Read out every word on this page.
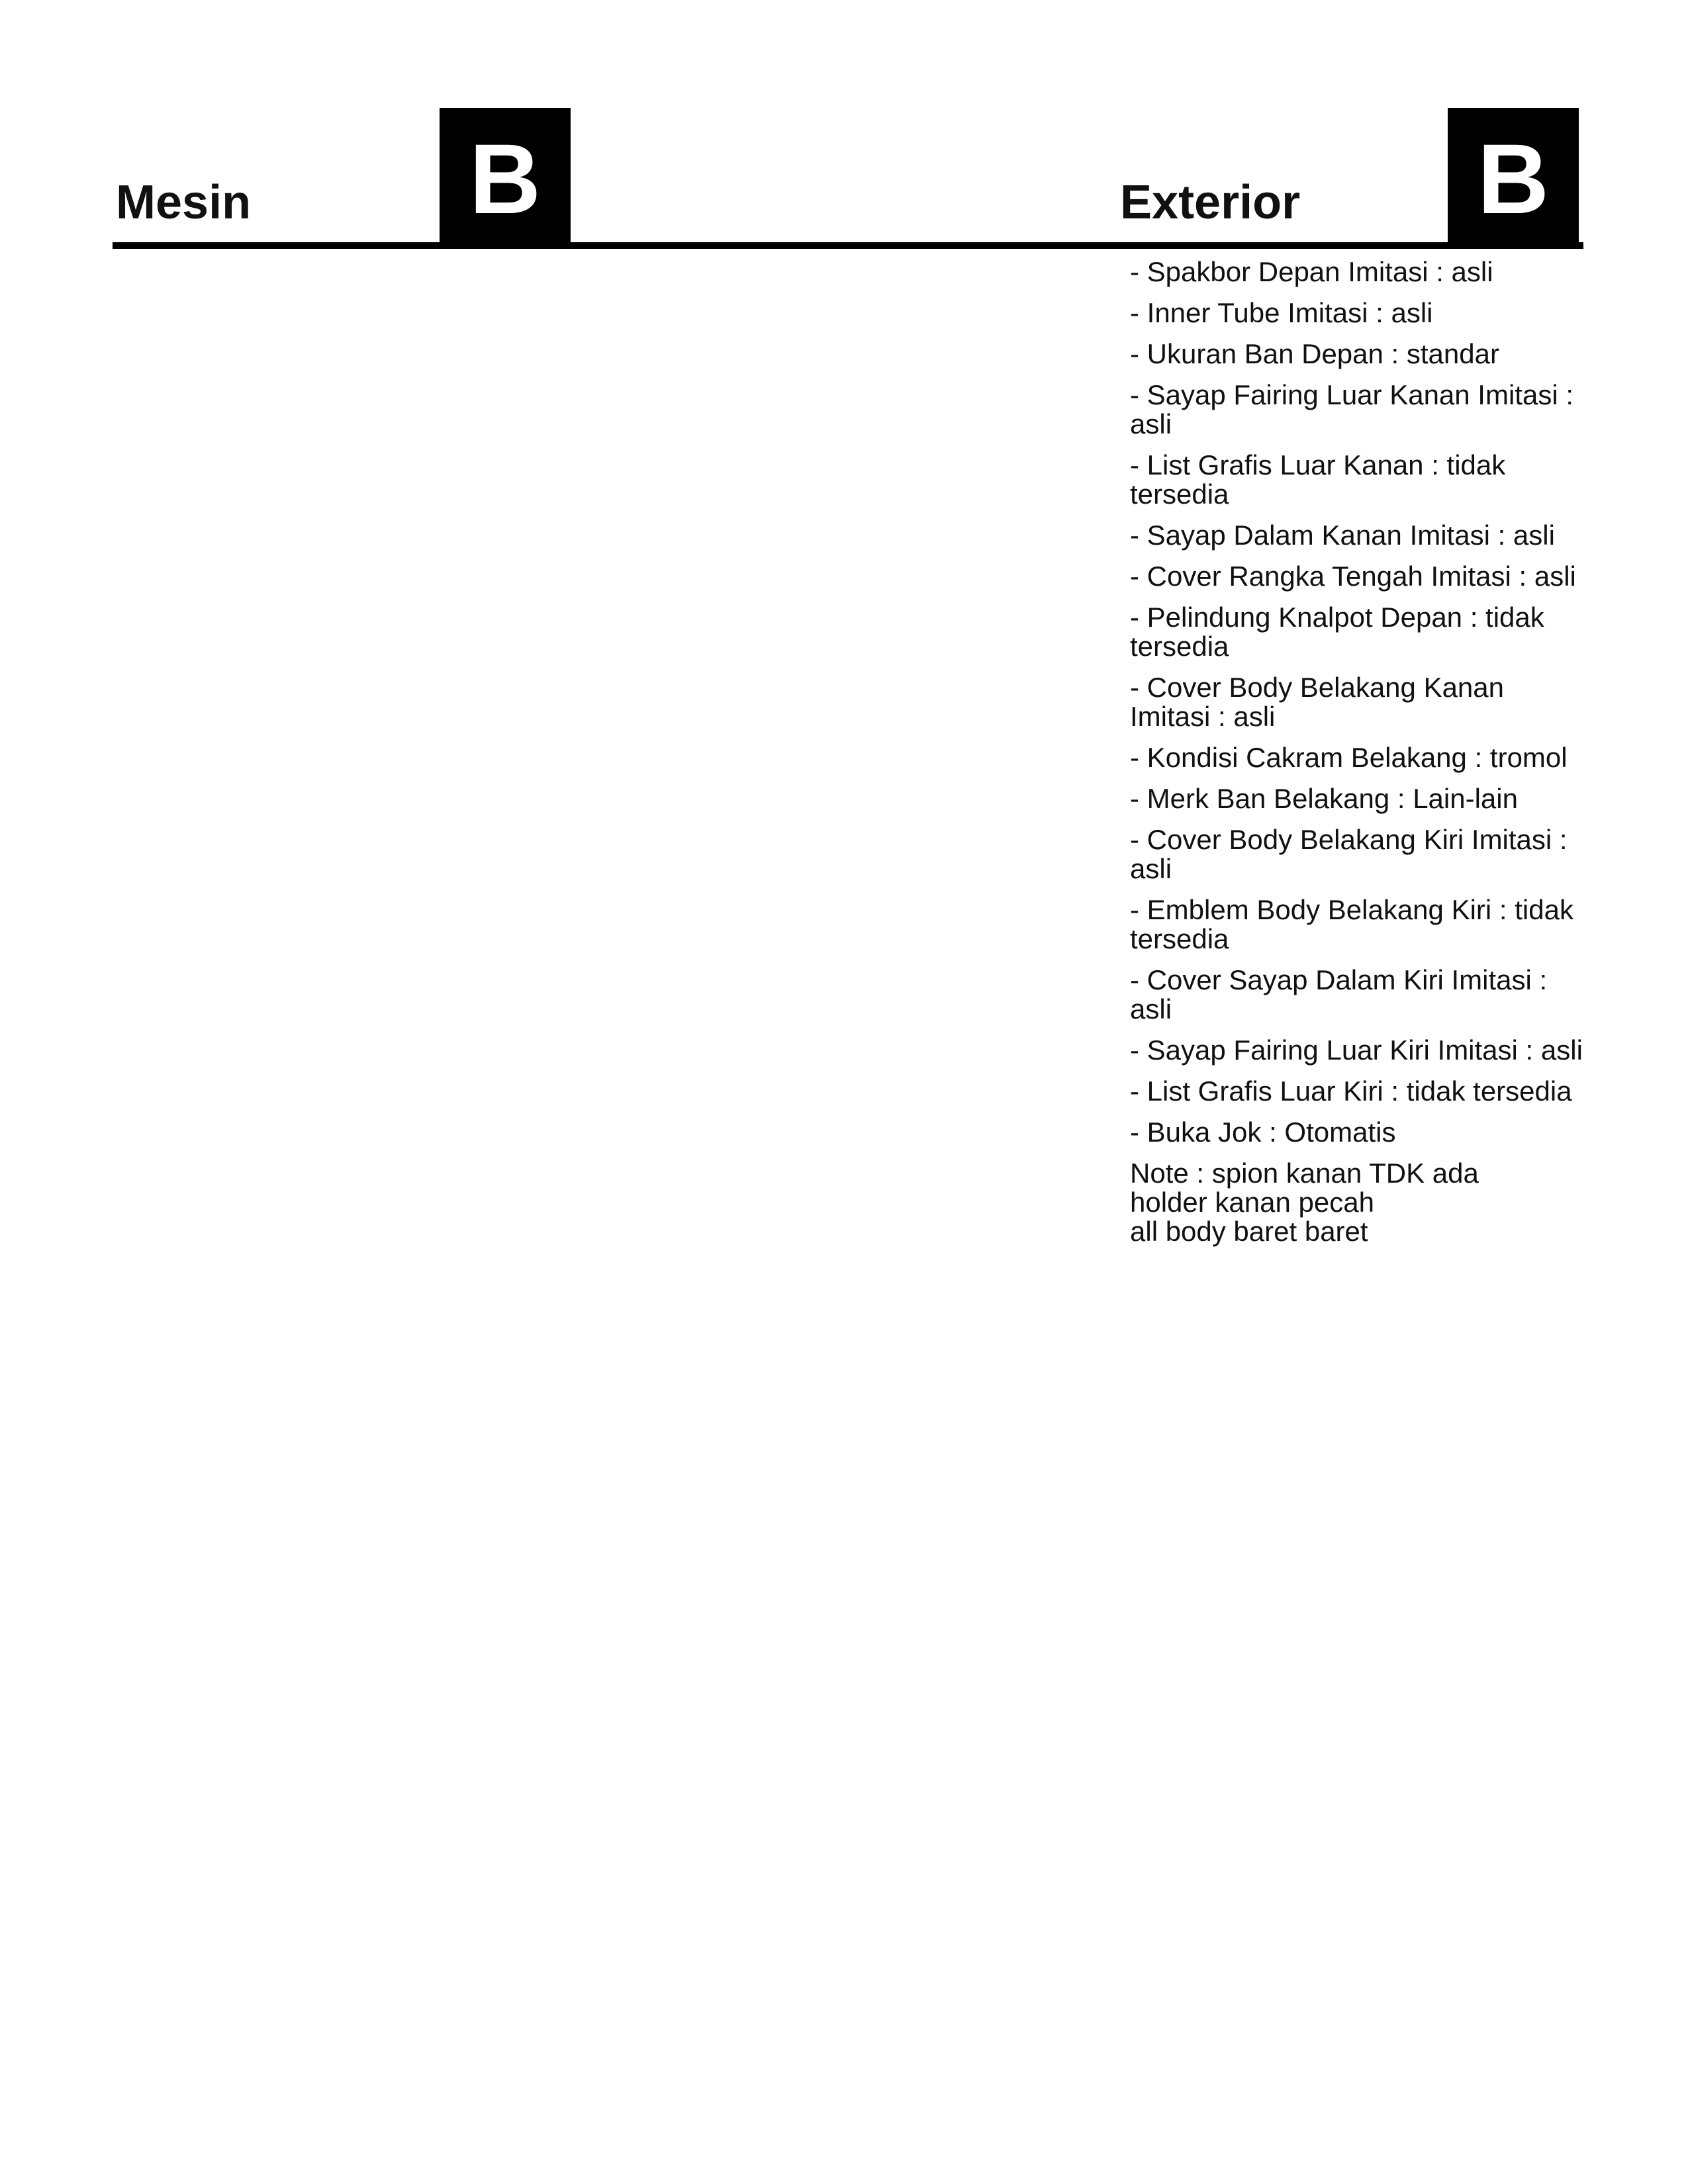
Mesin B	Exterior B

- Spakbor Depan Imitasi : asli

- Inner Tube Imitasi : asli

- Ukuran Ban Depan : standar

- Sayap Fairing Luar Kanan Imitasi : asli

- List Grafis Luar Kanan : tidak tersedia

- Sayap Dalam Kanan Imitasi : asli

- Cover Rangka Tengah Imitasi : asli

- Pelindung Knalpot Depan : tidak tersedia

- Cover Body Belakang Kanan Imitasi : asli

- Kondisi Cakram Belakang : tromol

- Merk Ban Belakang : Lain-lain

- Cover Body Belakang Kiri Imitasi : asli

- Emblem Body Belakang Kiri : tidak tersedia

- Cover Sayap Dalam Kiri Imitasi : asli

- Sayap Fairing Luar Kiri Imitasi : asli

- List Grafis Luar Kiri : tidak tersedia

- Buka Jok : Otomatis

Note : spion kanan TDK ada
holder kanan pecah
all body baret baret
